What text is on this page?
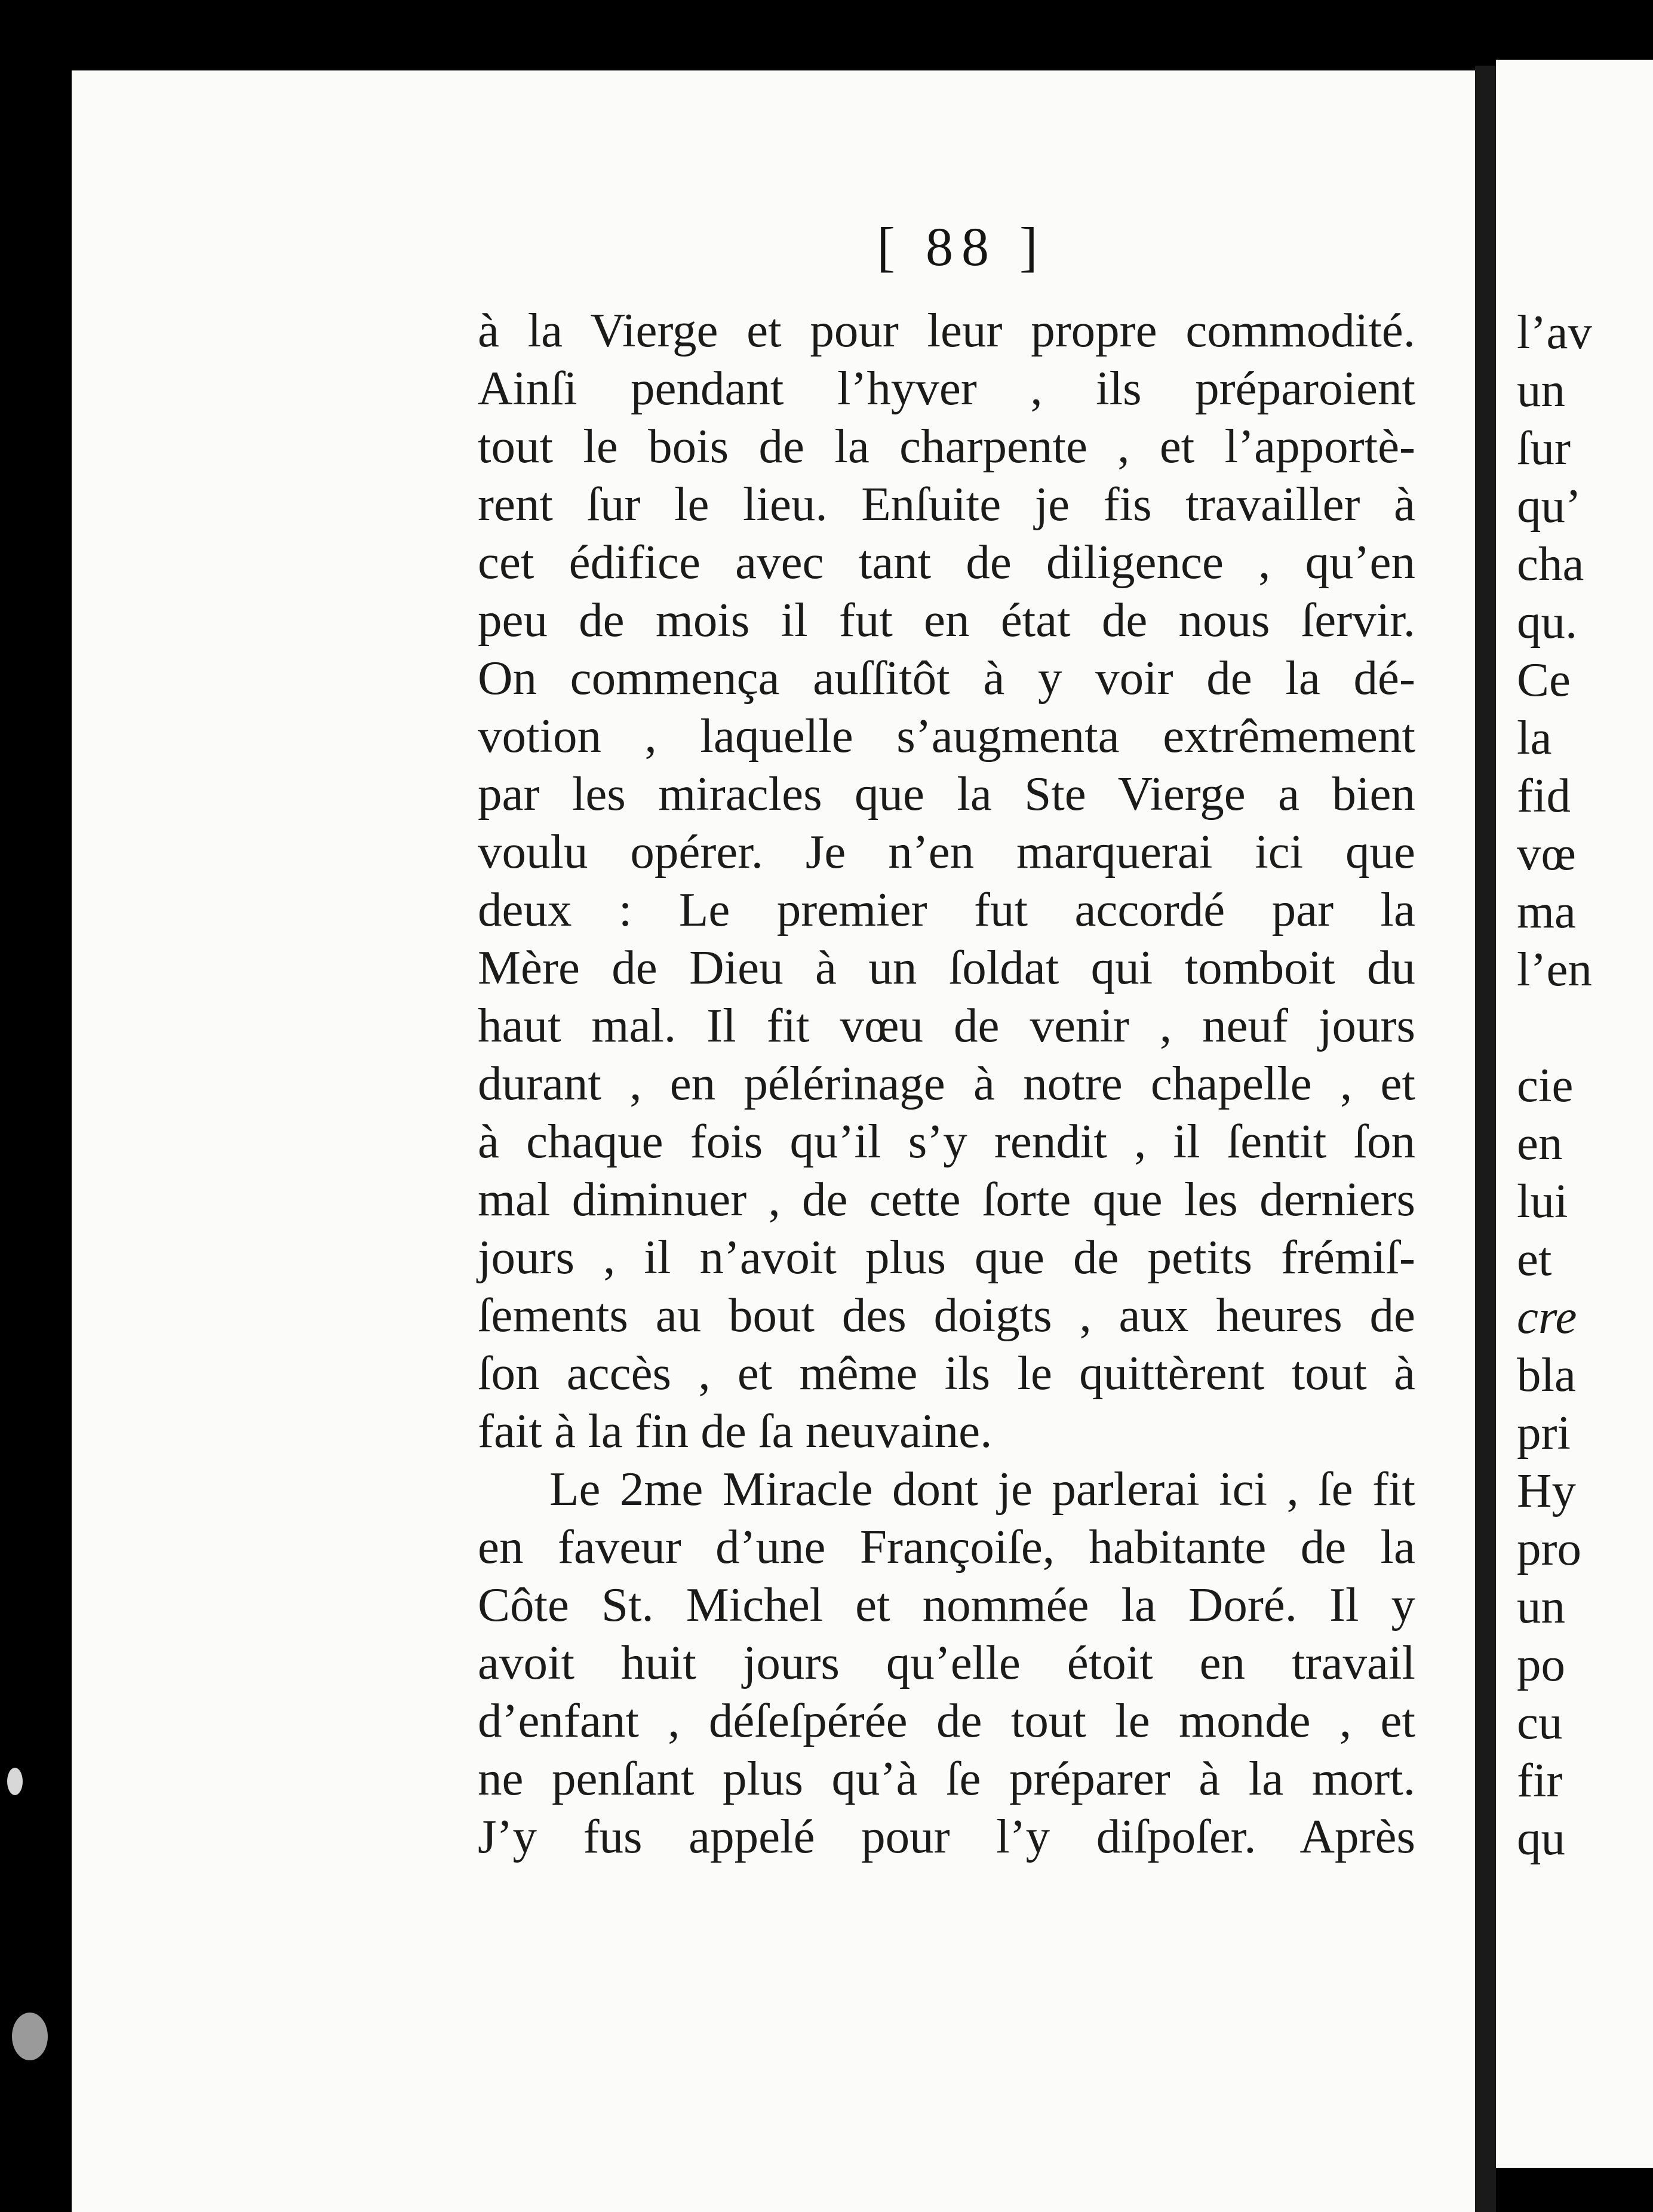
[ 88 ]
à la Vierge et pour leur propre commodité.
Ainſi pendant l’hyver , ils préparoient
tout le bois de la charpente , et l’apportè-
rent ſur le lieu. Enſuite je fis travailler à
cet édifice avec tant de diligence , qu’en
peu de mois il fut en état de nous ſervir.
On commença auſſitôt à y voir de la dé-
votion , laquelle s’augmenta extrêmement
par les miracles que la Ste Vierge a bien
voulu opérer. Je n’en marquerai ici que
deux : Le premier fut accordé par la
Mère de Dieu à un ſoldat qui tomboit du
haut mal. Il fit vœu de venir , neuf jours
durant , en pélérinage à notre chapelle , et
à chaque fois qu’il s’y rendit , il ſentit ſon
mal diminuer , de cette ſorte que les derniers
jours , il n’avoit plus que de petits frémiſ-
ſements au bout des doigts , aux heures de
ſon accès , et même ils le quittèrent tout à
fait à la fin de ſa neuvaine.
Le 2me Miracle dont je parlerai ici , ſe fit
en faveur d’une Françoiſe, habitante de la
Côte St. Michel et nommée la Doré. Il y
avoit huit jours qu’elle étoit en travail
d’enfant , déſeſpérée de tout le monde , et
ne penſant plus qu’à ſe préparer à la mort.
J’y fus appelé pour l’y diſpoſer. Après
l’av
un
ſur
qu’
cha
qu.
Ce
la
fid
vœ
ma
l’en
cie
en
lui
et
cre
bla
pri
Hy
pro
un
po
cu
fir
qu
